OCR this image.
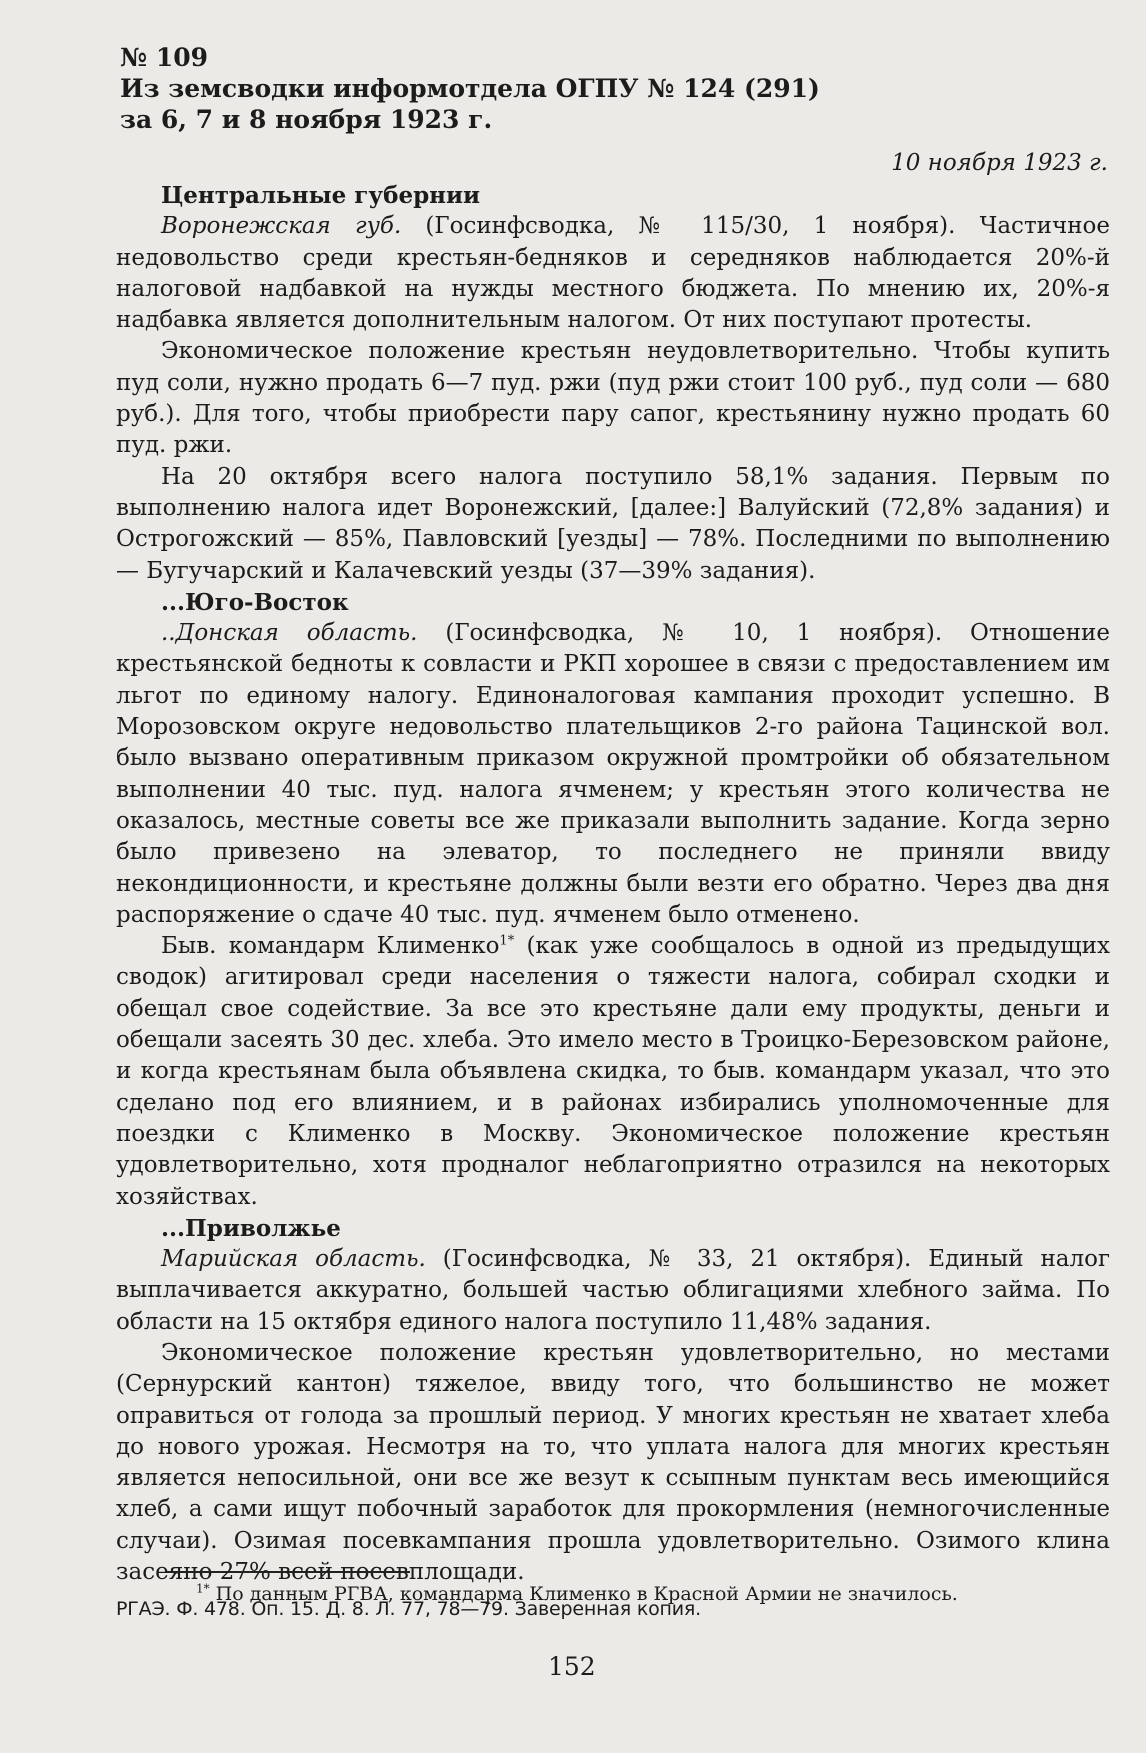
№ 109
Из земсводки информотдела ОГПУ № 124 (291)
за 6, 7 и 8 ноября 1923 г.
10 ноября 1923 г.
Центральные губернии

Воронежская губ. (Госинфсводка, № 115/30, 1 ноября). Частичное недовольство среди крестьян-бедняков и середняков наблюдается 20%-й налоговой надбавкой на нужды местного бюджета. По мнению их, 20%-я надбавка является дополнительным налогом. От них поступают протесты.

Экономическое положение крестьян неудовлетворительно. Чтобы купить пуд соли, нужно продать 6—7 пуд. ржи (пуд ржи стоит 100 руб., пуд соли — 680 руб.). Для того, чтобы приобрести пару сапог, крестьянину нужно продать 60 пуд. ржи.

На 20 октября всего налога поступило 58,1% задания. Первым по выполнению налога идет Воронежский, [далее:] Валуйский (72,8% задания) и Острогожский — 85%, Павловский [уезды] — 78%. Последними по выполнению — Бугучарский и Калачевский уезды (37—39% задания).

...Юго-Восток

..Донская область. (Госинфсводка, № 10, 1 ноября). Отношение крестьянской бедноты к совласти и РКП хорошее в связи с предоставлением им льгот по единому налогу. Единоналоговая кампания проходит успешно. В Морозовском округе недовольство плательщиков 2-го района Тацинской вол. было вызвано оперативным приказом окружной промтройки об обязательном выполнении 40 тыс. пуд. налога ячменем; у крестьян этого количества не оказалось, местные советы все же приказали выполнить задание. Когда зерно было привезено на элеватор, то последнего не приняли ввиду некондиционности, и крестьяне должны были везти его обратно. Через два дня распоряжение о сдаче 40 тыс. пуд. ячменем было отменено.

Быв. командарм Клименко$^{1*}$ (как уже сообщалось в одной из предыдущих сводок) агитировал среди населения о тяжести налога, собирал сходки и обещал свое содействие. За все это крестьяне дали ему продукты, деньги и обещали засеять 30 дес. хлеба. Это имело место в Троицко-Березовском районе, и когда крестьянам была объявлена скидка, то быв. командарм указал, что это сделано под его влиянием, и в районах избирались уполномоченные для поездки с Клименко в Москву. Экономическое положение крестьян удовлетворительно, хотя продналог неблагоприятно отразился на некоторых хозяйствах.

...Приволжье

Марийская область. (Госинфсводка, № 33, 21 октября). Единый налог выплачивается аккуратно, большей частью облигациями хлебного займа. По области на 15 октября единого налога поступило 11,48% задания.

Экономическое положение крестьян удовлетворительно, но местами (Сернурский кантон) тяжелое, ввиду того, что большинство не может оправиться от голода за прошлый период. У многих крестьян не хватает хлеба до нового урожая. Несмотря на то, что уплата налога для многих крестьян является непосильной, они все же везут к ссыпным пунктам весь имеющийся хлеб, а сами ищут побочный заработок для прокормления (немногочисленные случаи). Озимая посевкампания прошла удовлетворительно. Озимого клина засеяно 27% всей посевплощади.

РГАЭ. Ф. 478. Оп. 15. Д. 8. Л. 77, 78—79. Заверенная копия.
$^{1*}$ По данным РГВА, командарма Клименко в Красной Армии не значилось.
152
